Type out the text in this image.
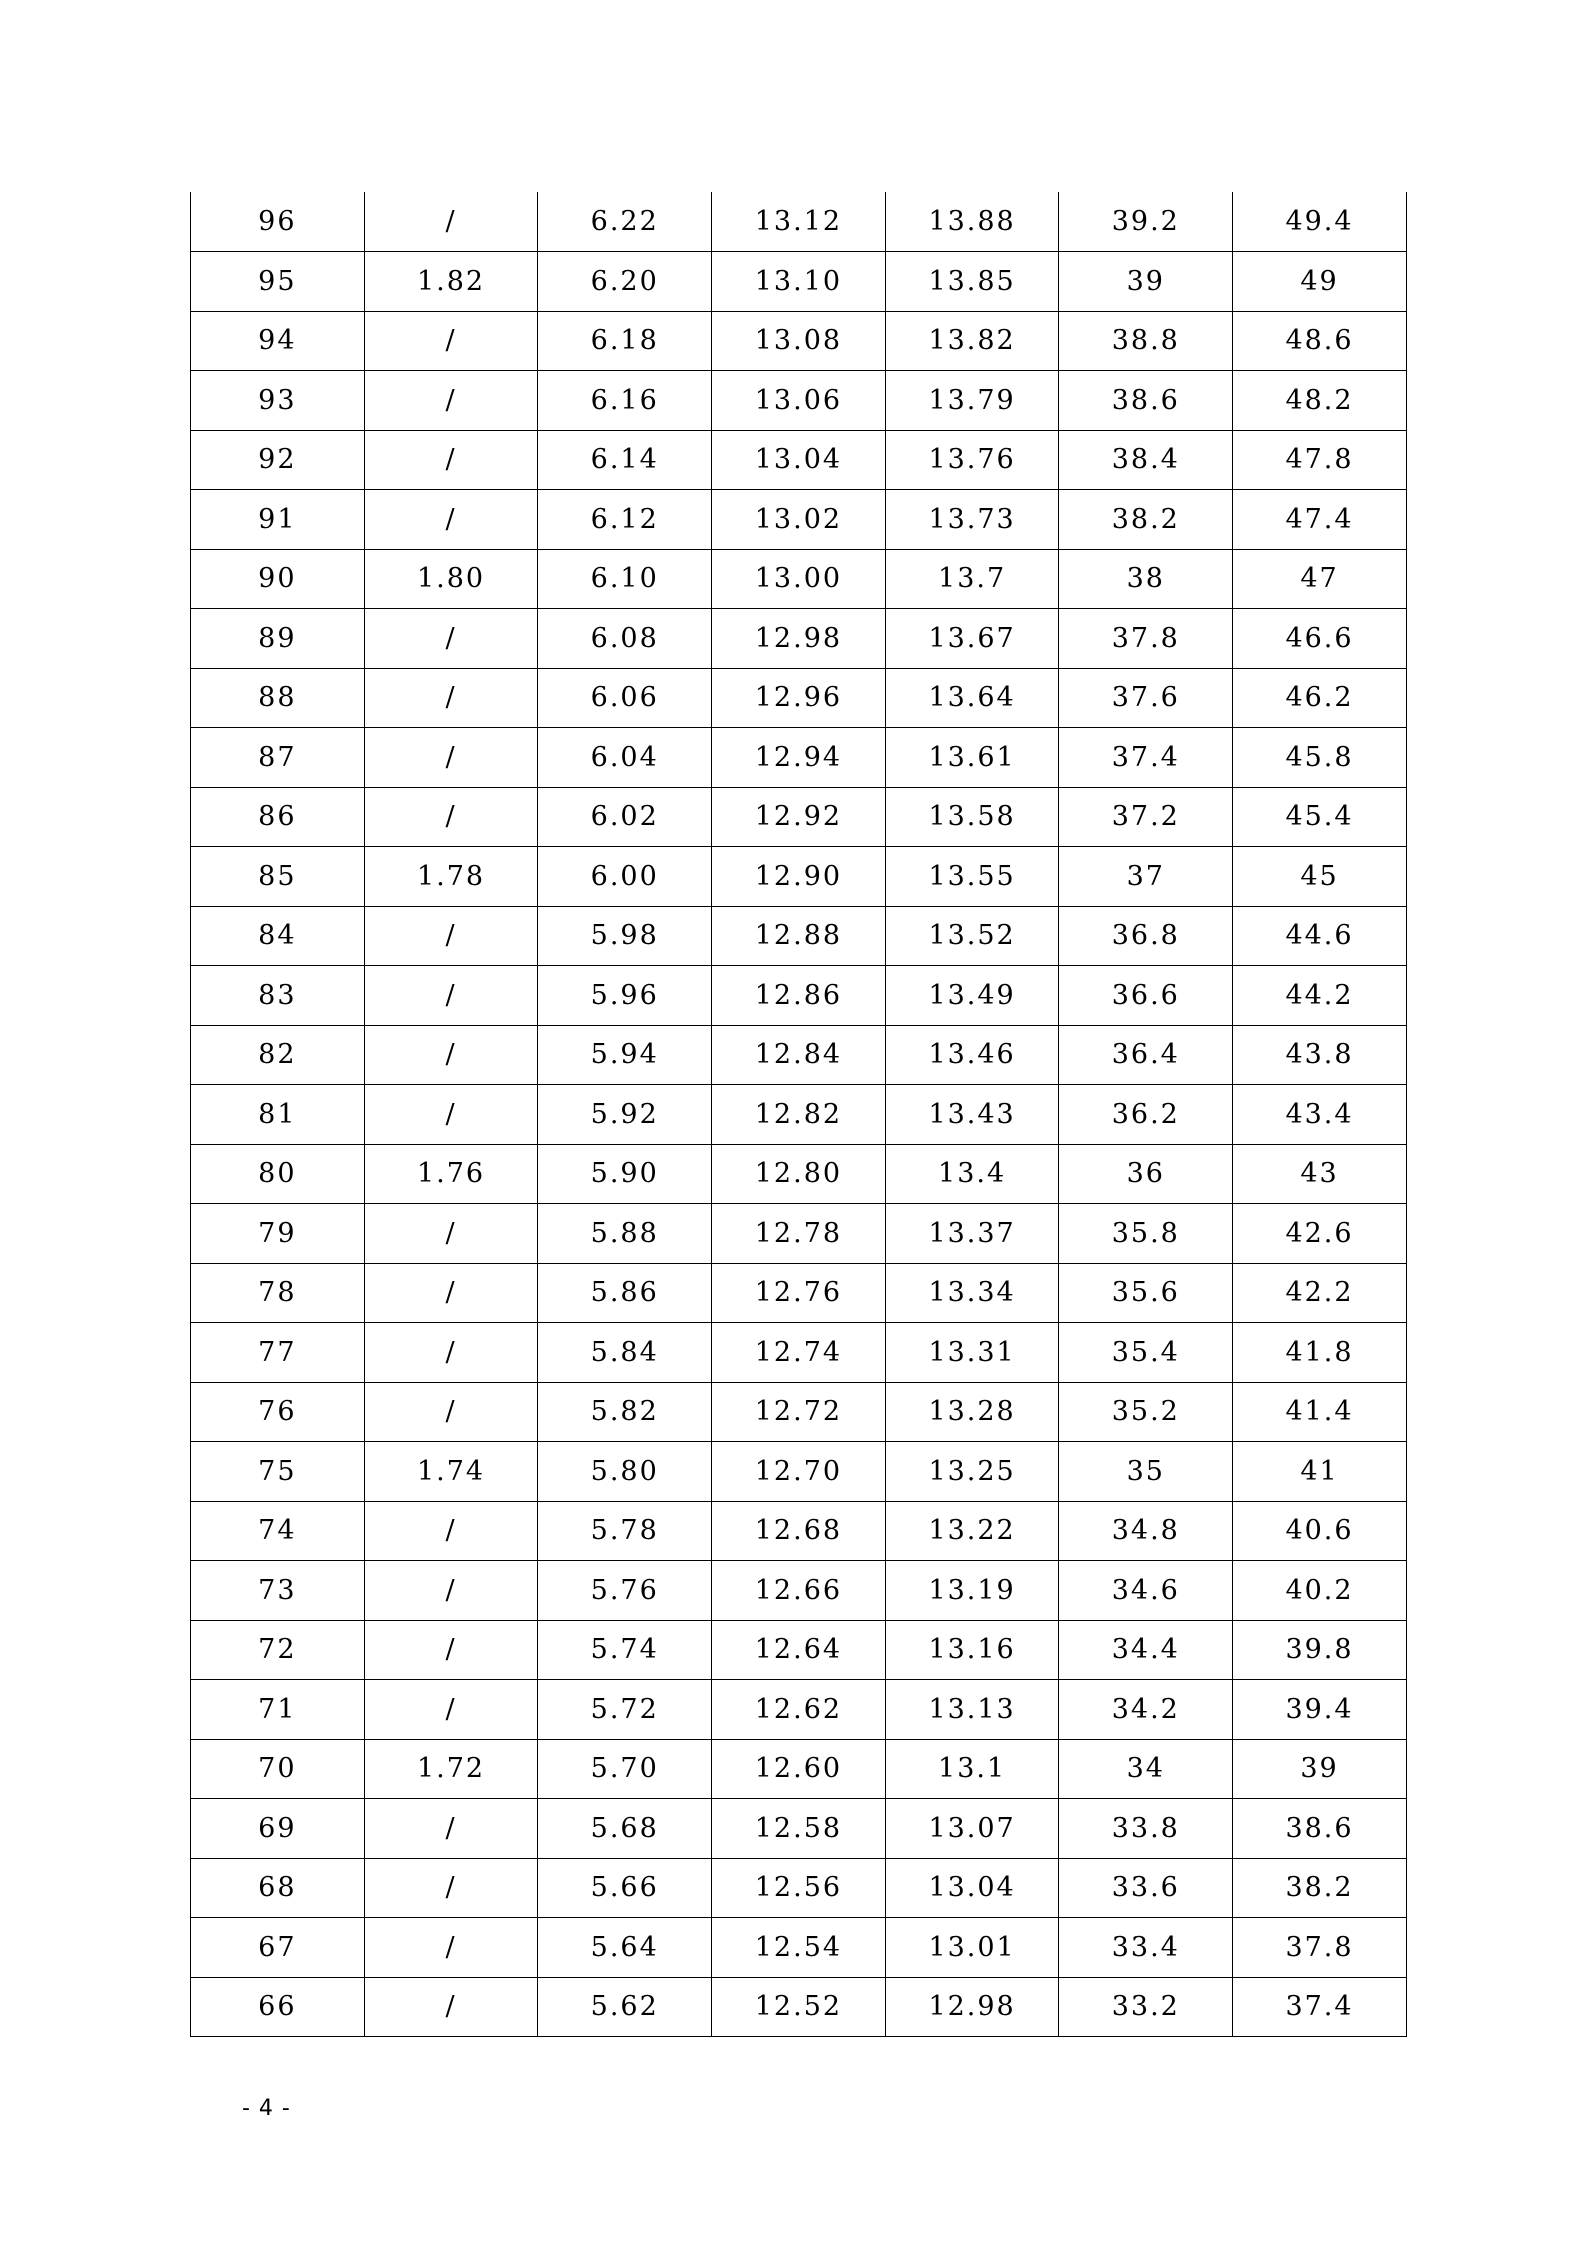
96	/	6.22	13.12	13.88	39.2	49.4
95	1.82	6.20	13.10	13.85	39	49
94	/	6.18	13.08	13.82	38.8	48.6
93	/	6.16	13.06	13.79	38.6	48.2
92	/	6.14	13.04	13.76	38.4	47.8
91	/	6.12	13.02	13.73	38.2	47.4
90	1.80	6.10	13.00	13.7	38	47
89	/	6.08	12.98	13.67	37.8	46.6
88	/	6.06	12.96	13.64	37.6	46.2
87	/	6.04	12.94	13.61	37.4	45.8
86	/	6.02	12.92	13.58	37.2	45.4
85	1.78	6.00	12.90	13.55	37	45
84	/	5.98	12.88	13.52	36.8	44.6
83	/	5.96	12.86	13.49	36.6	44.2
82	/	5.94	12.84	13.46	36.4	43.8
81	/	5.92	12.82	13.43	36.2	43.4
80	1.76	5.90	12.80	13.4	36	43
79	/	5.88	12.78	13.37	35.8	42.6
78	/	5.86	12.76	13.34	35.6	42.2
77	/	5.84	12.74	13.31	35.4	41.8
76	/	5.82	12.72	13.28	35.2	41.4
75	1.74	5.80	12.70	13.25	35	41
74	/	5.78	12.68	13.22	34.8	40.6
73	/	5.76	12.66	13.19	34.6	40.2
72	/	5.74	12.64	13.16	34.4	39.8
71	/	5.72	12.62	13.13	34.2	39.4
70	1.72	5.70	12.60	13.1	34	39
69	/	5.68	12.58	13.07	33.8	38.6
68	/	5.66	12.56	13.04	33.6	38.2
67	/	5.64	12.54	13.01	33.4	37.8
66	/	5.62	12.52	12.98	33.2	37.4
- 4 -
